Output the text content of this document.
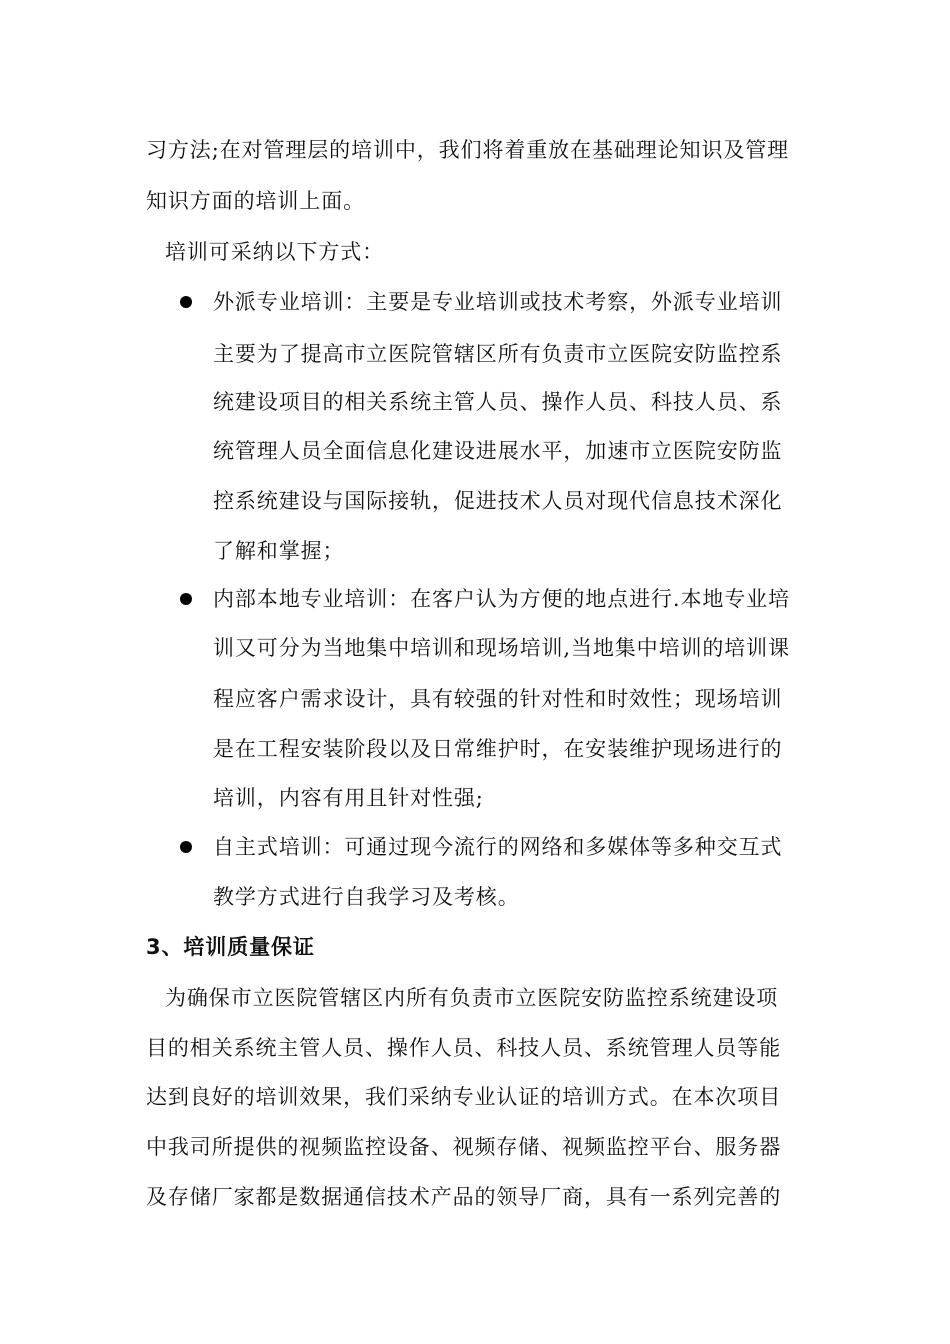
习方法;在对管理层的培训中，我们将着重放在基础理论知识及管理
知识方面的培训上面。
培训可采纳以下方式：
外派专业培训：主要是专业培训或技术考察，外派专业培训
主要为了提高市立医院管辖区所有负责市立医院安防监控系
统建设项目的相关系统主管人员、操作人员、科技人员、系
统管理人员全面信息化建设进展水平，加速市立医院安防监
控系统建设与国际接轨，促进技术人员对现代信息技术深化
了解和掌握；
内部本地专业培训：在客户认为方便的地点进行.本地专业培
训又可分为当地集中培训和现场培训,当地集中培训的培训课
程应客户需求设计，具有较强的针对性和时效性；现场培训
是在工程安装阶段以及日常维护时，在安装维护现场进行的
培训，内容有用且针对性强;
自主式培训：可通过现今流行的网络和多媒体等多种交互式
教学方式进行自我学习及考核。
3、培训质量保证
为确保市立医院管辖区内所有负责市立医院安防监控系统建设项
目的相关系统主管人员、操作人员、科技人员、系统管理人员等能
达到良好的培训效果，我们采纳专业认证的培训方式。在本次项目
中我司所提供的视频监控设备、视频存储、视频监控平台、服务器
及存储厂家都是数据通信技术产品的领导厂商，具有一系列完善的
